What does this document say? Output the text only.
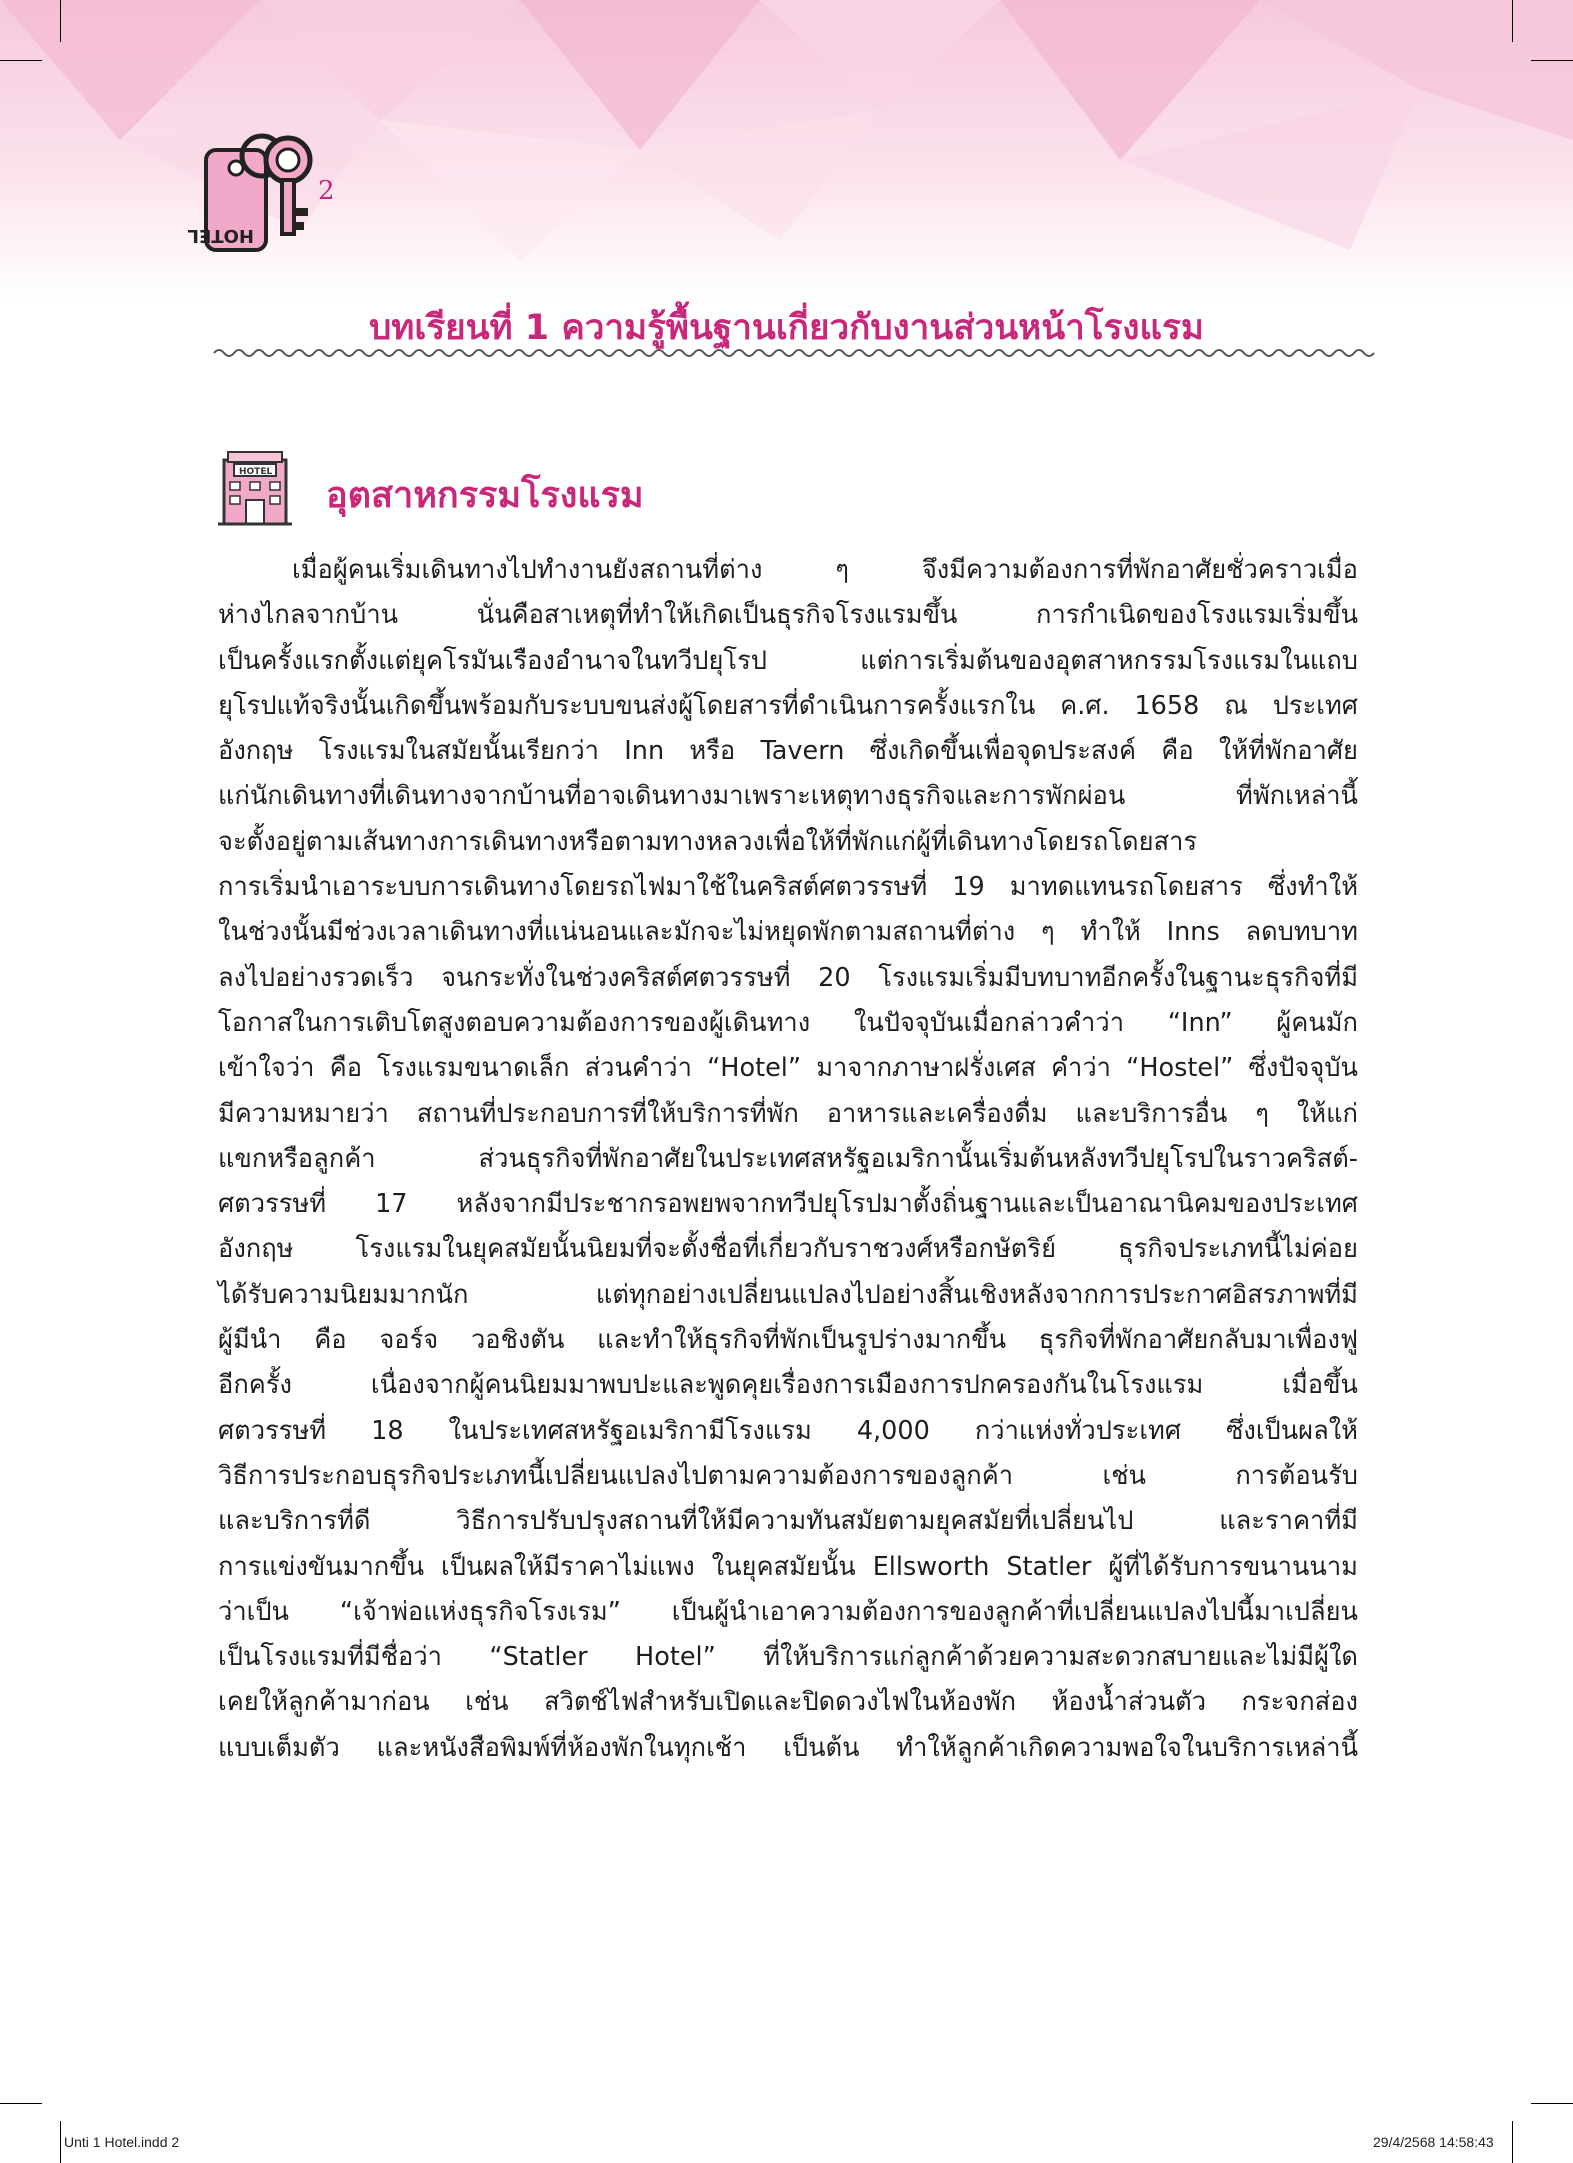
HOTEL
2
บทเรียนที่ 1 ความรู้พื้นฐานเกี่ยวกับงานส่วนหน้าโรงแรม
HOTEL
อุตสาหกรรมโรงแรม
เมื่อผู้คนเริ่มเดินทางไปทำงานยังสถานที่ต่าง ๆ จึงมีความต้องการที่พักอาศัยชั่วคราวเมื่อ
ห่างไกลจากบ้าน นั่นคือสาเหตุที่ทำให้เกิดเป็นธุรกิจโรงแรมขึ้น การกำเนิดของโรงแรมเริ่มขึ้น
เป็นครั้งแรกตั้งแต่ยุคโรมันเรืองอำนาจในทวีปยุโรป แต่การเริ่มต้นของอุตสาหกรรมโรงแรมในแถบ
ยุโรปแท้จริงนั้นเกิดขึ้นพร้อมกับระบบขนส่งผู้โดยสารที่ดำเนินการครั้งแรกใน ค.ศ. 1658 ณ ประเทศ
อังกฤษ โรงแรมในสมัยนั้นเรียกว่า Inn หรือ Tavern ซึ่งเกิดขึ้นเพื่อจุดประสงค์ คือ ให้ที่พักอาศัย
แก่นักเดินทางที่เดินทางจากบ้านที่อาจเดินทางมาเพราะเหตุทางธุรกิจและการพักผ่อน ที่พักเหล่านี้
จะตั้งอยู่ตามเส้นทางการเดินทางหรือตามทางหลวงเพื่อให้ที่พักแก่ผู้ที่เดินทางโดยรถโดยสาร
การเริ่มนำเอาระบบการเดินทางโดยรถไฟมาใช้ในคริสต์ศตวรรษที่ 19 มาทดแทนรถโดยสาร ซึ่งทำให้
ในช่วงนั้นมีช่วงเวลาเดินทางที่แน่นอนและมักจะไม่หยุดพักตามสถานที่ต่าง ๆ ทำให้ Inns ลดบทบาท
ลงไปอย่างรวดเร็ว จนกระทั่งในช่วงคริสต์ศตวรรษที่ 20 โรงแรมเริ่มมีบทบาทอีกครั้งในฐานะธุรกิจที่มี
โอกาสในการเติบโตสูงตอบความต้องการของผู้เดินทาง ในปัจจุบันเมื่อกล่าวคำว่า “Inn” ผู้คนมัก
เข้าใจว่า คือ โรงแรมขนาดเล็ก ส่วนคำว่า “Hotel” มาจากภาษาฝรั่งเศส คำว่า “Hostel” ซึ่งปัจจุบัน
มีความหมายว่า สถานที่ประกอบการที่ให้บริการที่พัก อาหารและเครื่องดื่ม และบริการอื่น ๆ ให้แก่
แขกหรือลูกค้า ส่วนธุรกิจที่พักอาศัยในประเทศสหรัฐอเมริกานั้นเริ่มต้นหลังทวีปยุโรปในราวคริสต์-
ศตวรรษที่ 17 หลังจากมีประชากรอพยพจากทวีปยุโรปมาตั้งถิ่นฐานและเป็นอาณานิคมของประเทศ
อังกฤษ โรงแรมในยุคสมัยนั้นนิยมที่จะตั้งชื่อที่เกี่ยวกับราชวงศ์หรือกษัตริย์ ธุรกิจประเภทนี้ไม่ค่อย
ได้รับความนิยมมากนัก แต่ทุกอย่างเปลี่ยนแปลงไปอย่างสิ้นเชิงหลังจากการประกาศอิสรภาพที่มี
ผู้มีนำ คือ จอร์จ วอชิงตัน และทำให้ธุรกิจที่พักเป็นรูปร่างมากขึ้น ธุรกิจที่พักอาศัยกลับมาเพื่องฟู
อีกครั้ง เนื่องจากผู้คนนิยมมาพบปะและพูดคุยเรื่องการเมืองการปกครองกันในโรงแรม เมื่อขึ้น
ศตวรรษที่ 18 ในประเทศสหรัฐอเมริกามีโรงแรม 4,000 กว่าแห่งทั่วประเทศ ซึ่งเป็นผลให้
วิธีการประกอบธุรกิจประเภทนี้เปลี่ยนแปลงไปตามความต้องการของลูกค้า เช่น การต้อนรับ
และบริการที่ดี วิธีการปรับปรุงสถานที่ให้มีความทันสมัยตามยุคสมัยที่เปลี่ยนไป และราคาที่มี
การแข่งขันมากขึ้น เป็นผลให้มีราคาไม่แพง ในยุคสมัยนั้น Ellsworth Statler ผู้ที่ได้รับการขนานนาม
ว่าเป็น “เจ้าพ่อแห่งธุรกิจโรงเรม” เป็นผู้นำเอาความต้องการของลูกค้าที่เปลี่ยนแปลงไปนี้มาเปลี่ยน
เป็นโรงแรมที่มีชื่อว่า “Statler Hotel” ที่ให้บริการแก่ลูกค้าด้วยความสะดวกสบายและไม่มีผู้ใด
เคยให้ลูกค้ามาก่อน เช่น สวิตช์ไฟสำหรับเปิดและปิดดวงไฟในห้องพัก ห้องน้ำส่วนตัว กระจกส่อง
แบบเต็มตัว และหนังสือพิมพ์ที่ห้องพักในทุกเช้า เป็นต้น ทำให้ลูกค้าเกิดความพอใจในบริการเหล่านี้
Unti 1 Hotel.indd 2	29/4/2568 14:58:43
